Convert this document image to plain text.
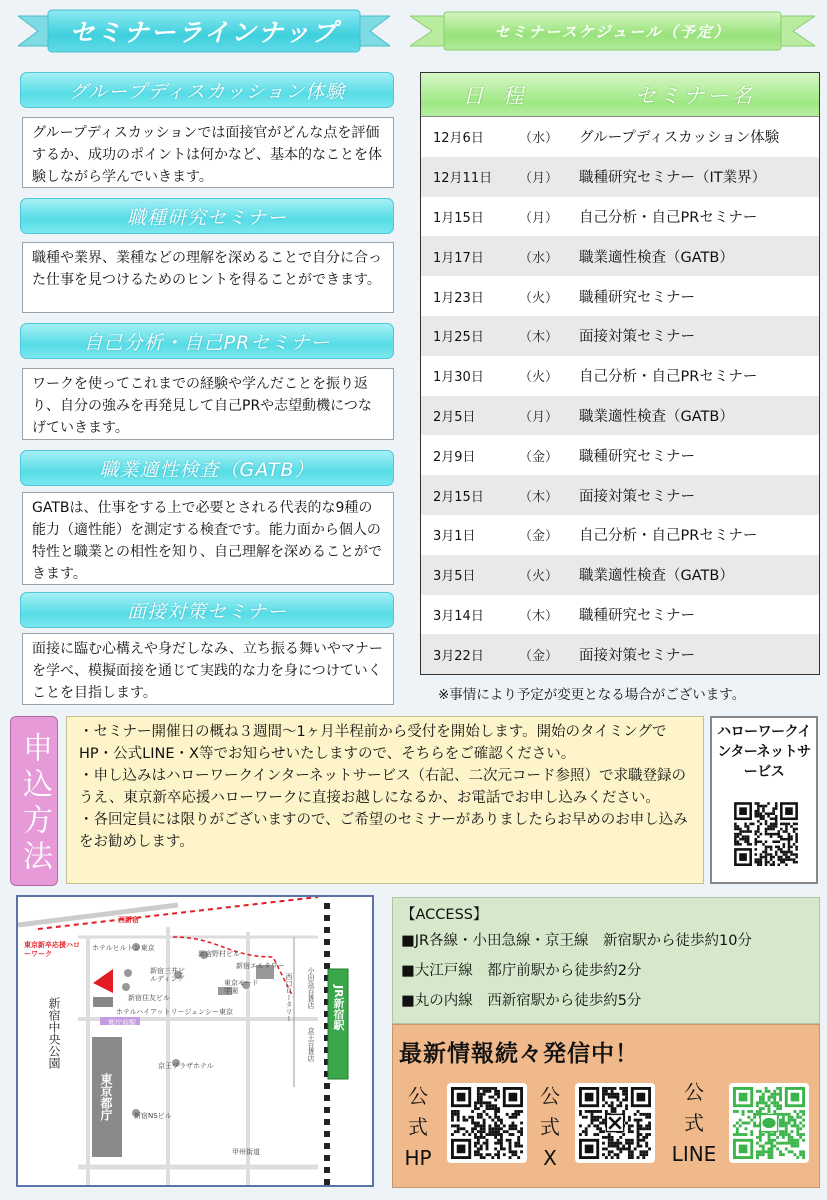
セミナーラインナップ	セミナースケジュール（予定）
グループディスカッション体験
グループディスカッションでは面接官がどんな点を評価するか、成功のポイントは何かなど、基本的なことを体験しながら学んでいきます。
職種研究セミナー
職種や業界、業種などの理解を深めることで自分に合った仕事を見つけるためのヒントを得ることができます。
自己分析・自己PRセミナー
ワークを使ってこれまでの経験や学んだことを振り返り、自分の強みを再発見して自己PRや志望動機につなげていきます。
職業適性検査（GATB）
GATBは、仕事をする上で必要とされる代表的な9種の能力（適性能）を測定する検査です。能力面から個人の特性と職業との相性を知り、自己理解を深めることができます。
面接対策セミナー
面接に臨む心構えや身だしなみ、立ち振る舞いやマナーを学べ、模擬面接を通じて実践的な力を身につけていくことを目指します。
日 程	セミナー名
12月6日	（水）	グループディスカッション体験
12月11日	（月）	職種研究セミナー（IT業界）
1月15日	（月）	自己分析・自己PRセミナー
1月17日	（水）	職業適性検査（GATB）
1月23日	（火）	職種研究セミナー
1月25日	（木）	面接対策セミナー
1月30日	（火）	自己分析・自己PRセミナー
2月5日	（月）	職業適性検査（GATB）
2月9日	（金）	職種研究セミナー
2月15日	（木）	面接対策セミナー
3月1日	（金）	自己分析・自己PRセミナー
3月5日	（火）	職業適性検査（GATB）
3月14日	（木）	職種研究セミナー
3月22日	（金）	面接対策セミナー
※事情により予定が変更となる場合がございます。
申込方法 ・セミナー開催日の概ね３週間～1ヶ月半程前から受付を開始します。開始のタイミングでHP・公式LINE・X等でお知らせいたしますので、そちらをご確認ください。

・申し込みはハローワークインターネットサービス（右記、二次元コード参照）で求職登録のうえ、東京新卒応援ハローワークに直接お越しになるか、お電話でお申し込みください。

・各回定員には限りがございますので、ご希望のセミナーがありましたらお早めのお申し込みをお勧めします。

ハローワークインターネットサービス
西新宿
東京新卒応援ハローワーク
ホテルヒルトン東京
新宿野村ビル
新宿エルタワー
新宿三井ビルディング
新宿住友ビル
東京モード学園
ホテルハイアットリージェンシー東京
都庁前駅
京王プラザホテル
新宿NSビル
新宿中央公園
東京都庁
小田急百貨店
西口ロータリー
京王百貨店
JR新宿駅
甲州街道
【ACCESS】
■JR各線・小田急線・京王線　新宿駅から徒歩約10分
■大江戸線　都庁前駅から徒歩約2分
■丸の内線　西新宿駅から徒歩約5分
最新情報続々発信中！
公
式
HP
公
式
X
公
式
LINE
